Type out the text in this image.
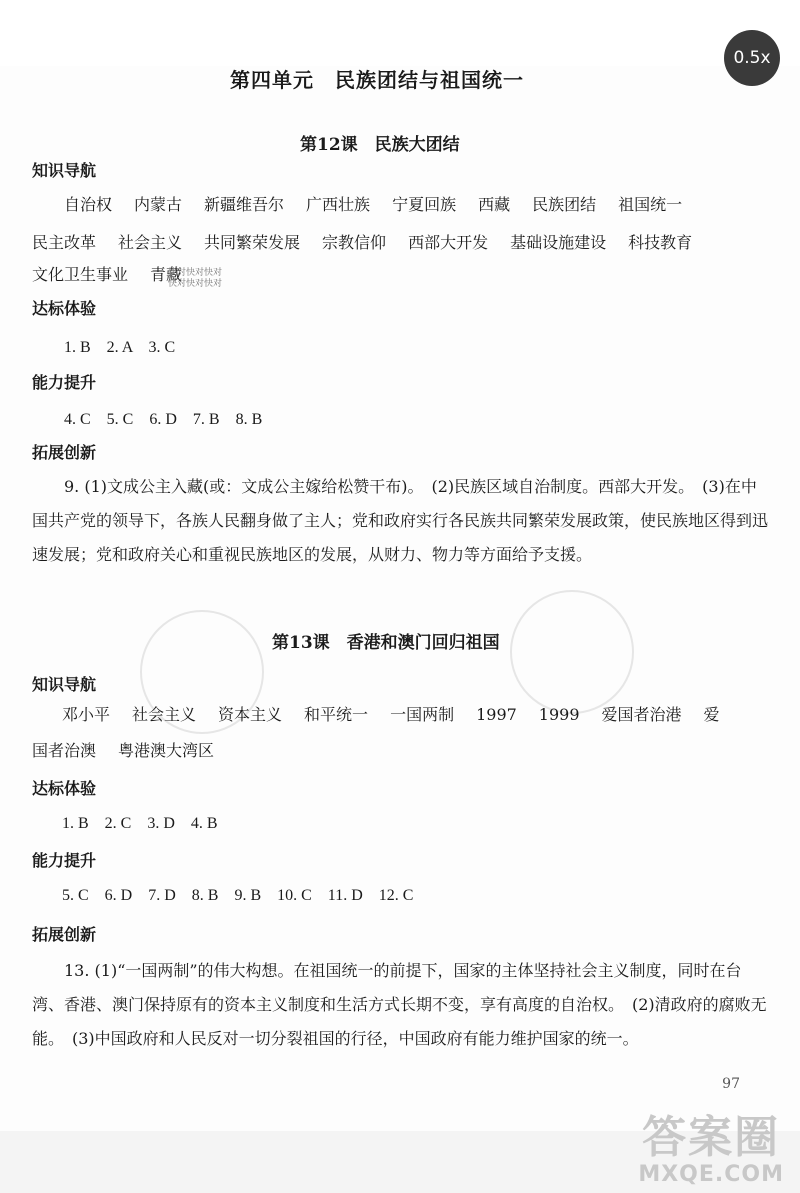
第四单元　民族团结与祖国统一
第12课　民族大团结
知识导航
自治权 内蒙古 新疆维吾尔 广西壮族 宁夏回族 西藏 民族团结 祖国统一
民主改革 社会主义 共同繁荣发展 宗教信仰 西部大开发 基础设施建设 科技教育
文化卫生事业 青藏
快对快对快对
快对快对快对
达标体验
1. B　2. A　3. C
能力提升
4. C　5. C　6. D　7. B　8. B
拓展创新
9. (1)文成公主入藏(或：文成公主嫁给松赞干布)。　(2)民族区域自治制度。西部大开发。　(3)在中国共产党的领导下，各族人民翻身做了主人；党和政府实行各民族共同繁荣发展政策，使民族地区得到迅速发展；党和政府关心和重视民族地区的发展，从财力、物力等方面给予支援。
第13课　香港和澳门回归祖国
知识导航
邓小平 社会主义 资本主义 和平统一 一国两制 1997 1999 爱国者治港 爱
国者治澳 粤港澳大湾区
达标体验
1. B　2. C　3. D　4. B
能力提升
5. C　6. D　7. D　8. B　9. B　10. C　11. D　12. C
拓展创新
13. (1)“一国两制”的伟大构想。在祖国统一的前提下，国家的主体坚持社会主义制度，同时在台湾、香港、澳门保持原有的资本主义制度和生活方式长期不变，享有高度的自治权。　(2)清政府的腐败无能。　(3)中国政府和人民反对一切分裂祖国的行径，中国政府有能力维护国家的统一。
97
答案圈
MXQE.COM
0.5x
